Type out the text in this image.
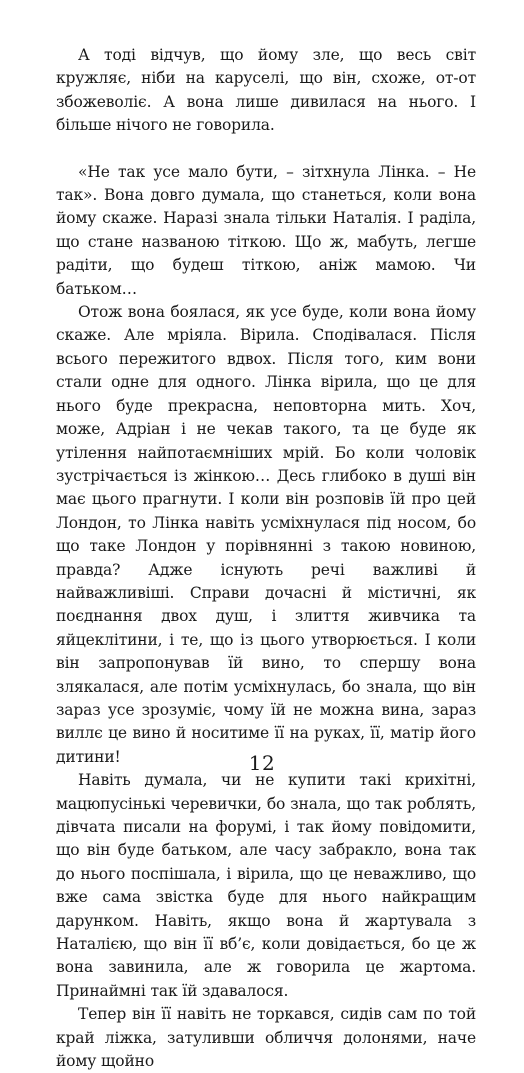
А тоді відчув, що йому зле, що весь світ кружляє, ніби на каруселі, що він, схоже, от-от збожеволіє. А вона лише дивилася на нього. І більше нічого не говорила.

«Не так усе мало бути, – зітхнула Лінка. – Не так». Вона довго думала, що станеться, коли вона йому скаже. Наразі знала тільки Наталія. І раділа, що стане названою тіткою. Що ж, мабуть, легше радіти, що будеш тіткою, аніж мамою. Чи батьком…

Отож вона боялася, як усе буде, коли вона йому скаже. Але мріяла. Вірила. Сподівалася. Після всього пережитого вдвох. Після того, ким вони стали одне для одного. Лінка вірила, що це для нього буде прекрасна, неповторна мить. Хоч, може, Адріан і не чекав такого, та це буде як утілення найпотаємніших мрій. Бо коли чоловік зустрічається із жінкою… Десь глибоко в душі він має цього прагнути. І коли він розповів їй про цей Лондон, то Лінка навіть усміхнулася під носом, бо що таке Лондон у порівнянні з такою новиною, правда? Адже існують речі важливі й найважливіші. Справи дочасні й містичні, як поєднання двох душ, і злиття живчика та яйцеклітини, і те, що із цього утворюється. І коли він запропонував їй вино, то спершу вона злякалася, але потім усміхнулась, бо знала, що він зараз усе зрозуміє, чому їй не можна вина, зараз виллє це вино й носитиме її на руках, її, матір його дитини!

Навіть думала, чи не купити такі крихітні, мацюпусінькі черевички, бо знала, що так роблять, дівчата писали на форумі, і так йому повідомити, що він буде батьком, але часу забракло, вона так до нього поспішала, і вірила, що це неважливо, що вже сама звістка буде для нього найкращим дарунком. Навіть, якщо вона й жартувала з Наталією, що він її вб’є, коли довідається, бо це ж вона завинила, але ж говорила це жартома. Принаймні так їй здавалося.

Тепер він її навіть не торкався, сидів сам по той край ліжка, затуливши обличчя долонями, наче йому щойно

12
